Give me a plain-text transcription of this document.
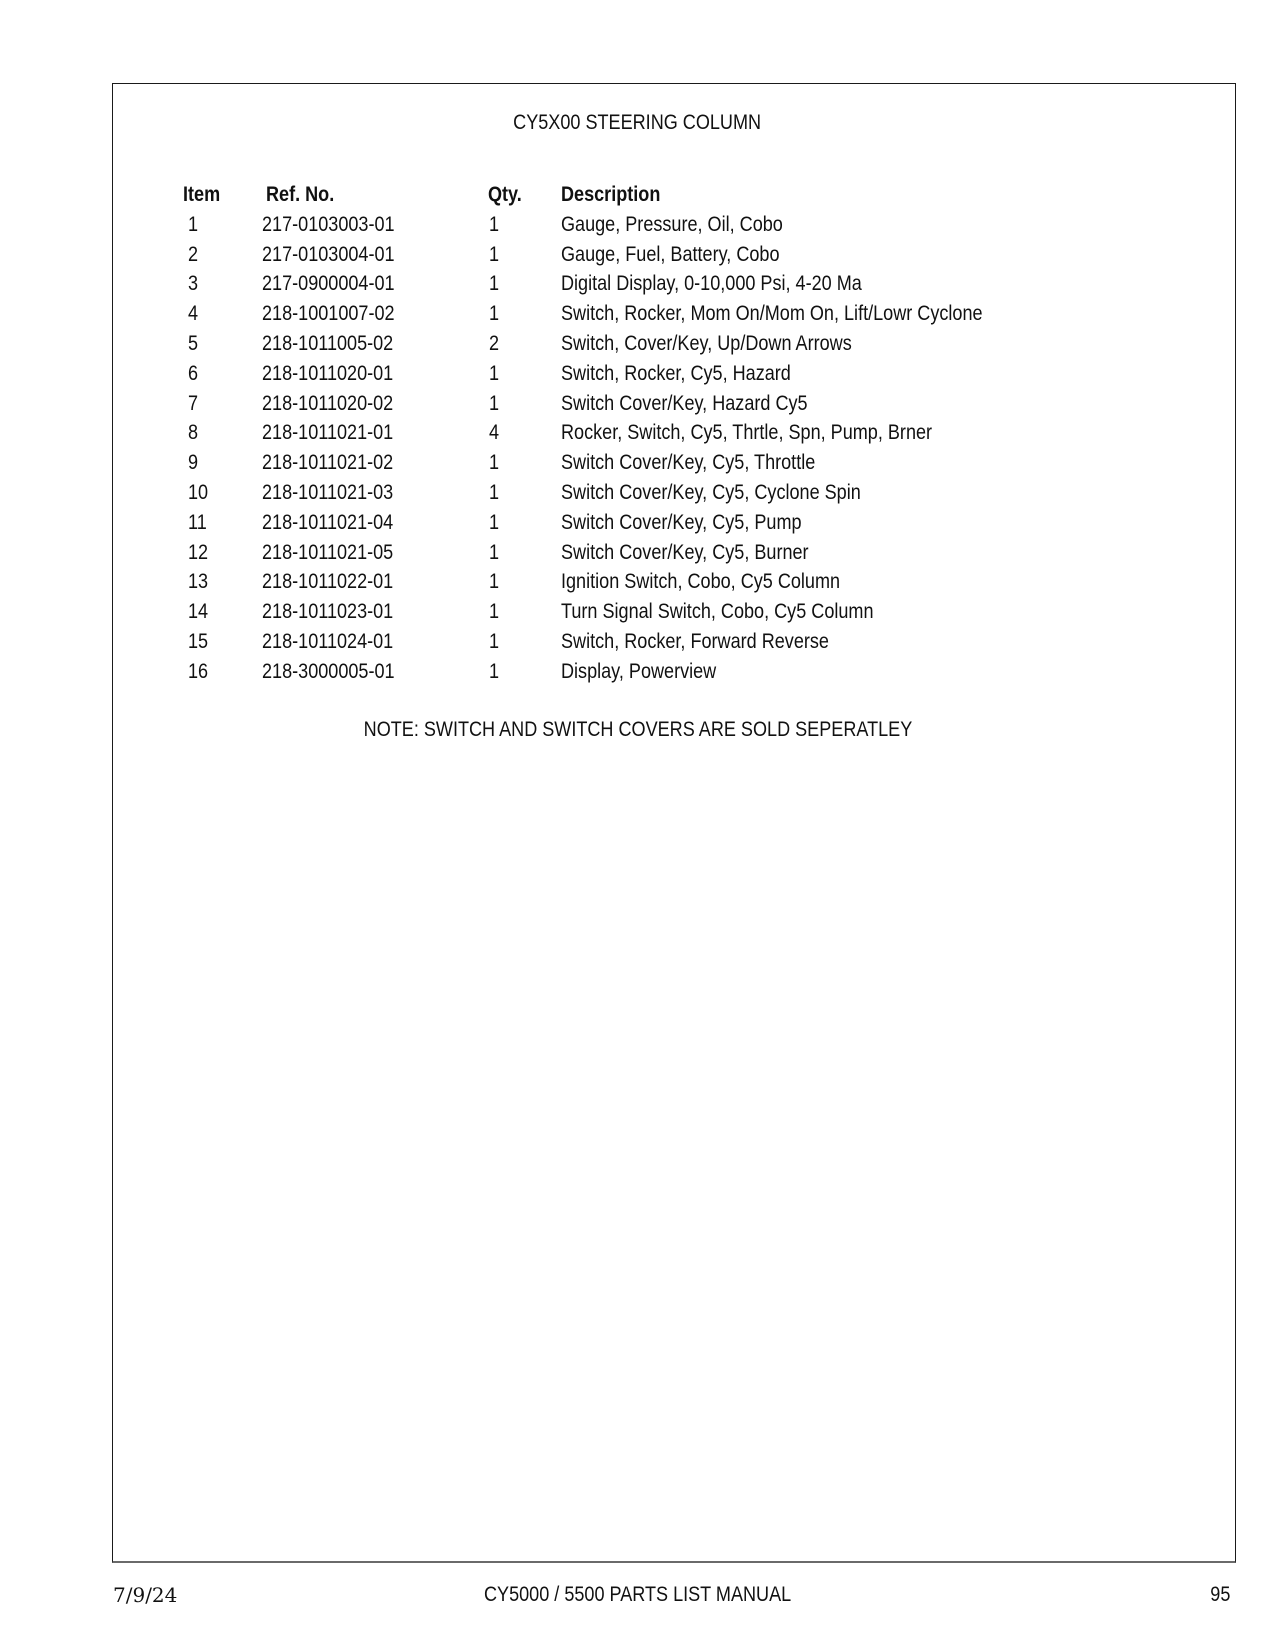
CY5X00 STEERING COLUMN
Item Ref. No.	Qty. Description
1	217-0103003-01	1	Gauge, Pressure, Oil, Cobo
2	217-0103004-01	1	Gauge, Fuel, Battery, Cobo
3	217-0900004-01	1	Digital Display, 0-10,000 Psi, 4-20 Ma
4	218-1001007-02	1	Switch, Rocker, Mom On/Mom On, Lift/Lowr Cyclone
5	218-1011005-02	2	Switch, Cover/Key, Up/Down Arrows
6	218-1011020-01	1	Switch, Rocker, Cy5, Hazard
7	218-1011020-02	1	Switch Cover/Key, Hazard Cy5
8	218-1011021-01	4	Rocker, Switch, Cy5, Thrtle, Spn, Pump, Brner
9	218-1011021-02	1	Switch Cover/Key, Cy5, Throttle
10	218-1011021-03	1	Switch Cover/Key, Cy5, Cyclone Spin
11	218-1011021-04	1	Switch Cover/Key, Cy5, Pump
12	218-1011021-05	1	Switch Cover/Key, Cy5, Burner
13	218-1011022-01	1	Ignition Switch, Cobo, Cy5 Column
14	218-1011023-01	1	Turn Signal Switch, Cobo, Cy5 Column
15	218-1011024-01	1	Switch, Rocker, Forward Reverse
16	218-3000005-01	1	Display, Powerview
NOTE: SWITCH AND SWITCH COVERS ARE SOLD SEPERATLEY
7/9/24	CY5000 / 5500 PARTS LIST MANUAL	95
